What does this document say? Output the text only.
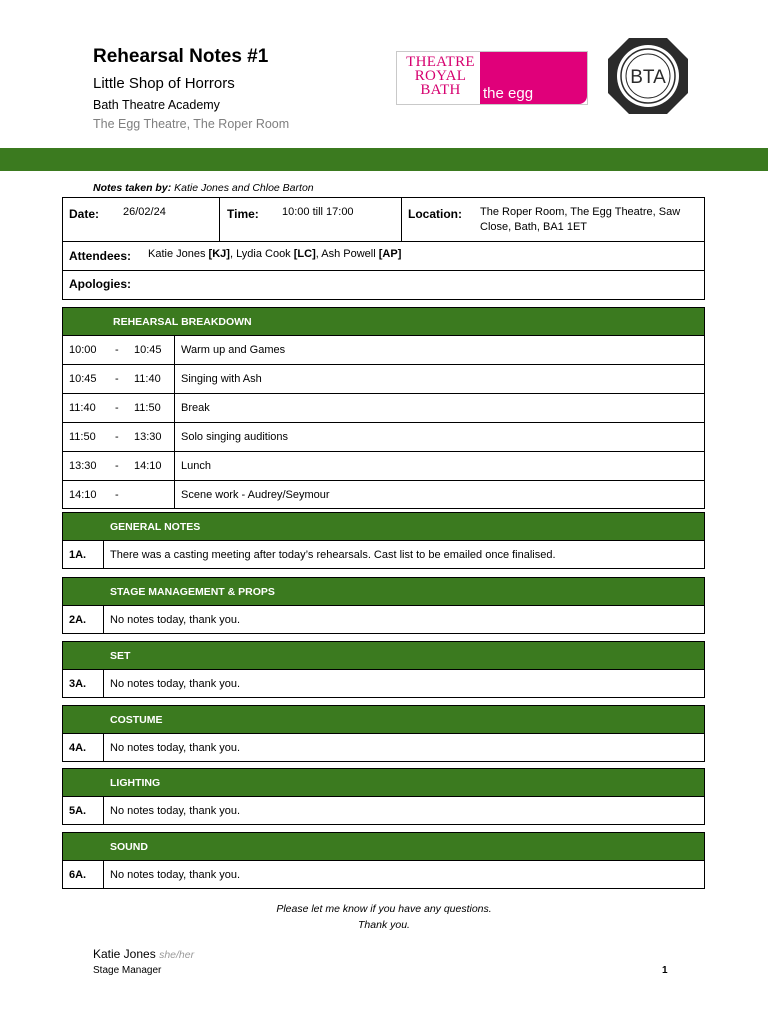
Rehearsal Notes #1
Little Shop of Horrors
Bath Theatre Academy
The Egg Theatre, The Roper Room
THEATRE
ROYAL
BATH	the egg
BTA
Notes taken by: Katie Jones and Chloe Barton
Date: 26/02/24	Time: 10:00 till 17:00	Location: The Roper Room, The Egg Theatre, Saw Close, Bath, BA1 1ET
Attendees: Katie Jones [KJ], Lydia Cook [LC], Ash Powell [AP]
Apologies:
REHEARSAL BREAKDOWN
10:00 - 10:45 Warm up and Games
10:45 - 11:40 Singing with Ash
11:40 - 11:50 Break
11:50 - 13:30 Solo singing auditions
13:30 - 14:10 Lunch
14:10 -	Scene work - Audrey/Seymour
GENERAL NOTES
1A. There was a casting meeting after today’s rehearsals. Cast list to be emailed once finalised.
STAGE MANAGEMENT & PROPS
2A. No notes today, thank you.
SET
3A. No notes today, thank you.
COSTUME
4A. No notes today, thank you.
LIGHTING
5A. No notes today, thank you.
SOUND
6A. No notes today, thank you.
Please let me know if you have any questions.
Thank you.
Katie Jones she/her
Stage Manager	1
